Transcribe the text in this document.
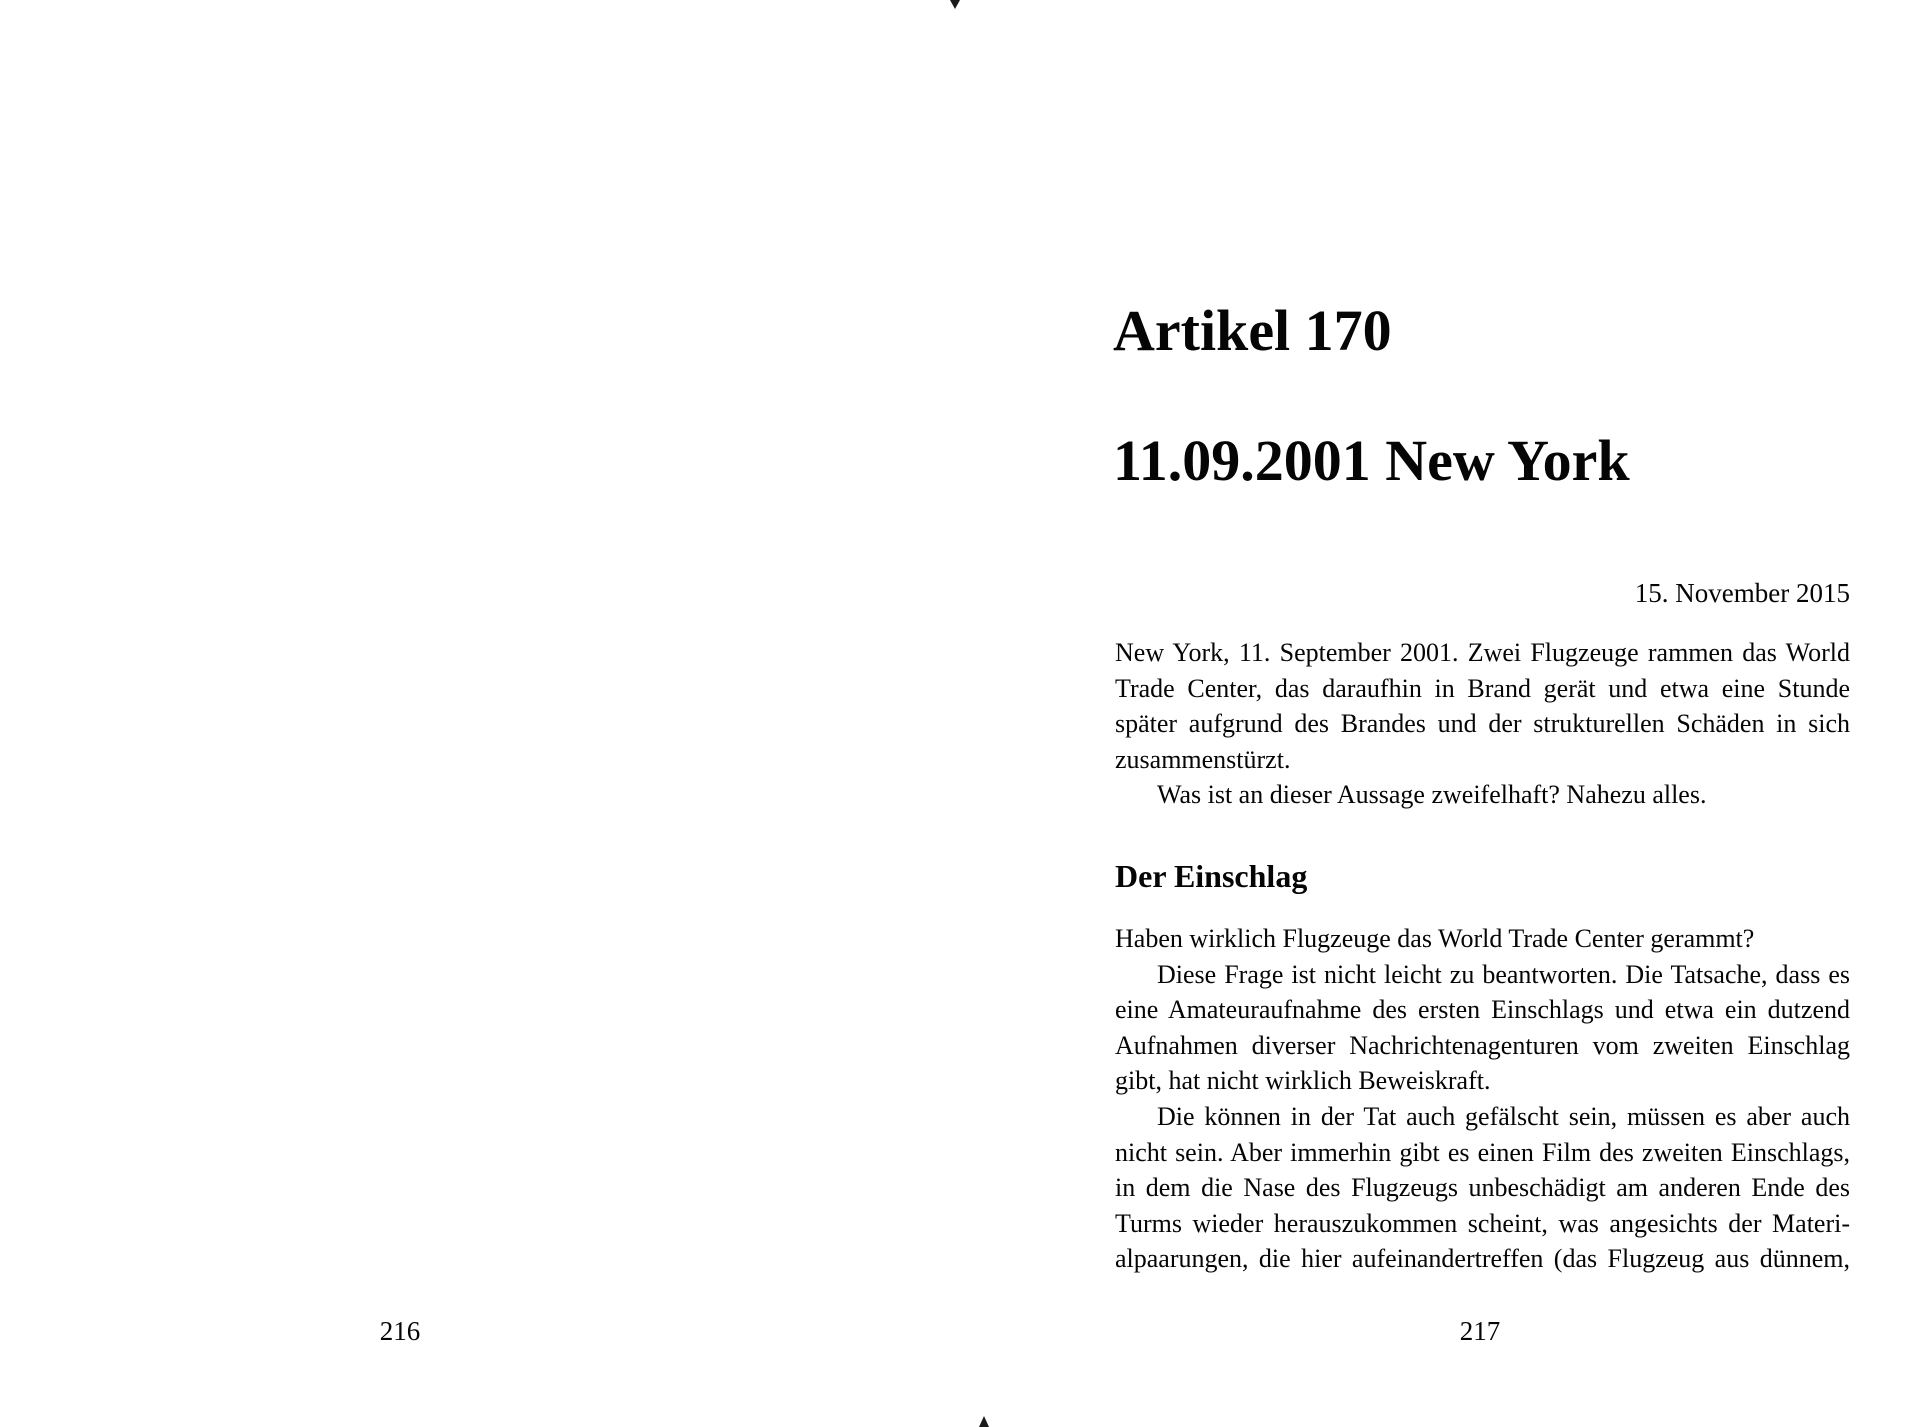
216
Artikel 170
11.09.2001 New York
15. November 2015
New York, 11. September 2001. Zwei Flugzeuge rammen das World
Trade Center, das daraufhin in Brand gerät und etwa eine Stunde
später aufgrund des Brandes und der strukturellen Schäden in sich
zusammenstürzt.
Was ist an dieser Aussage zweifelhaft? Nahezu alles.
Der Einschlag
Haben wirklich Flugzeuge das World Trade Center gerammt?
Diese Frage ist nicht leicht zu beantworten. Die Tatsache, dass es
eine Amateuraufnahme des ersten Einschlags und etwa ein dutzend
Aufnahmen diverser Nachrichtenagenturen vom zweiten Einschlag
gibt, hat nicht wirklich Beweiskraft.
Die können in der Tat auch gefälscht sein, müssen es aber auch
nicht sein. Aber immerhin gibt es einen Film des zweiten Einschlags,
in dem die Nase des Flugzeugs unbeschädigt am anderen Ende des
Turms wieder herauszukommen scheint, was angesichts der Materi-
alpaarungen, die hier aufeinandertreffen (das Flugzeug aus dünnem,
217
